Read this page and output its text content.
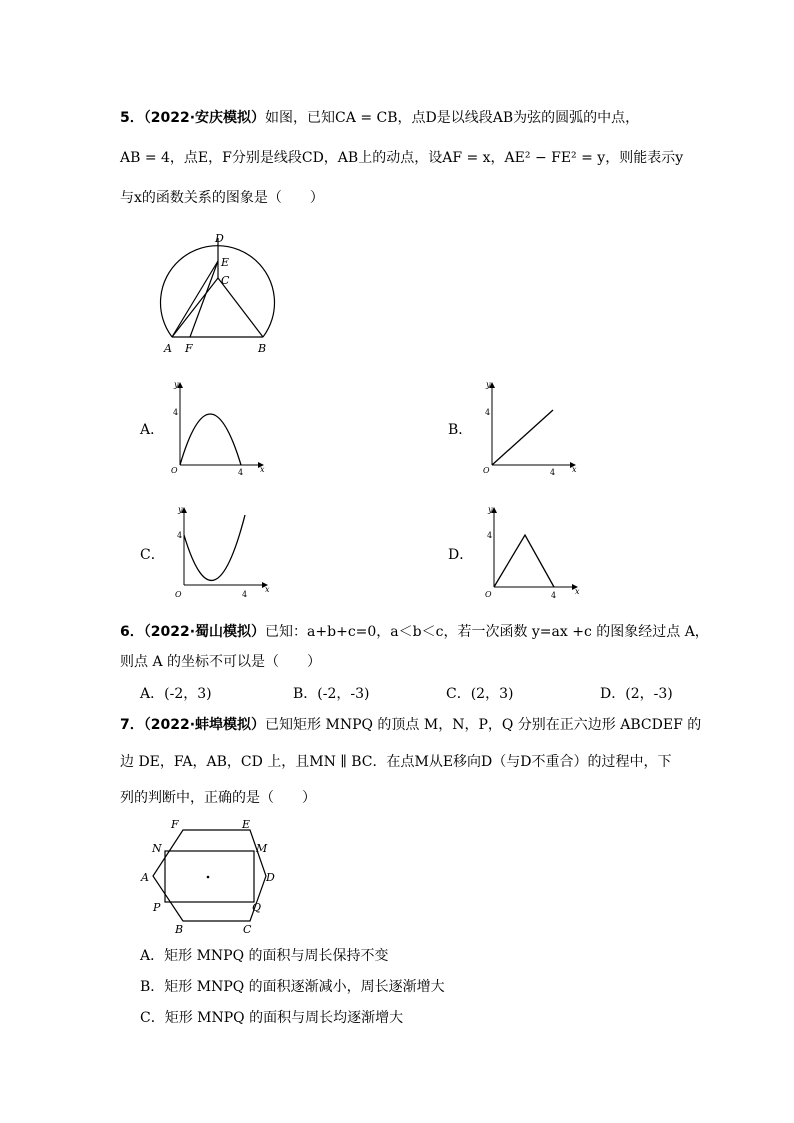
5．（2022·安庆模拟）如图，已知CA = CB，点D是以线段AB为弦的圆弧的中点，
AB = 4，点E，F分别是线段CD，AB上的动点，设AF = x，AE² − FE² = y，则能表示y
与x的函数关系的图象是（　　）
D
E
C
A F	B
A．
y
x
O
4
4
B．
y
x
O
4
4
C．
y
x
O
4
4
D．
y
x
O
4
4
6．（2022·蜀山模拟）已知：a+b+c=0，a＜b＜c，若一次函数 y=ax +c 的图象经过点 A，
则点 A 的坐标不可以是（　　）
A．(-2，3)	B．(-2，-3)	C．(2，3)	D．(2，-3)
7．（2022·蚌埠模拟）已知矩形 MNPQ 的顶点 M，N，P，Q 分别在正六边形 ABCDEF 的
边 DE，FA，AB，CD 上，且MN ∥ BC．在点M从E移向D（与D不重合）的过程中，下
列的判断中，正确的是（　　）
F	E
N	M
A	D
P	Q
B	C
A．矩形 MNPQ 的面积与周长保持不变
B．矩形 MNPQ 的面积逐渐减小，周长逐渐增大
C．矩形 MNPQ 的面积与周长均逐渐增大
